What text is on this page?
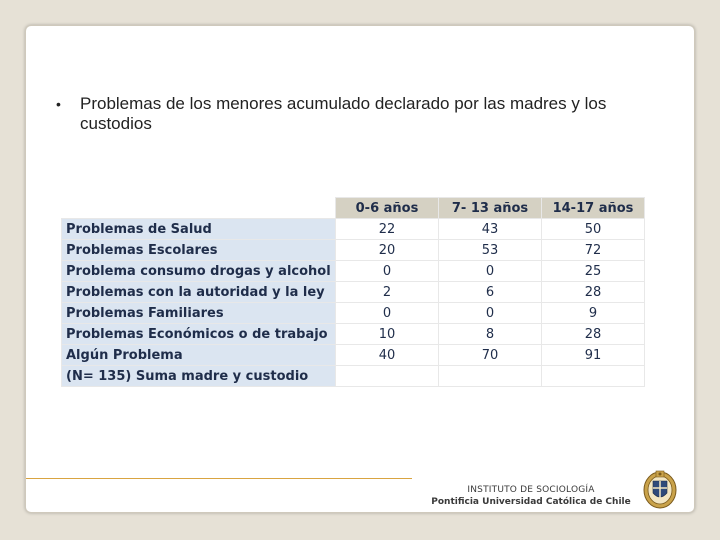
• Problemas de los menores acumulado declarado por las madres y los custodios
	0-6 años	7- 13 años	14-17 años
Problemas de Salud	22	43	50
Problemas Escolares	20	53	72
Problema consumo drogas y alcohol	0	0	25
Problemas con la autoridad y la ley	2	6	28
Problemas Familiares	0	0	9
Problemas Económicos o de trabajo	10	8	28
Algún Problema	40	70	91
(N= 135) Suma madre y custodio			
INSTITUTO DE SOCIOLOGÍA
Pontificia Universidad Católica de Chile
